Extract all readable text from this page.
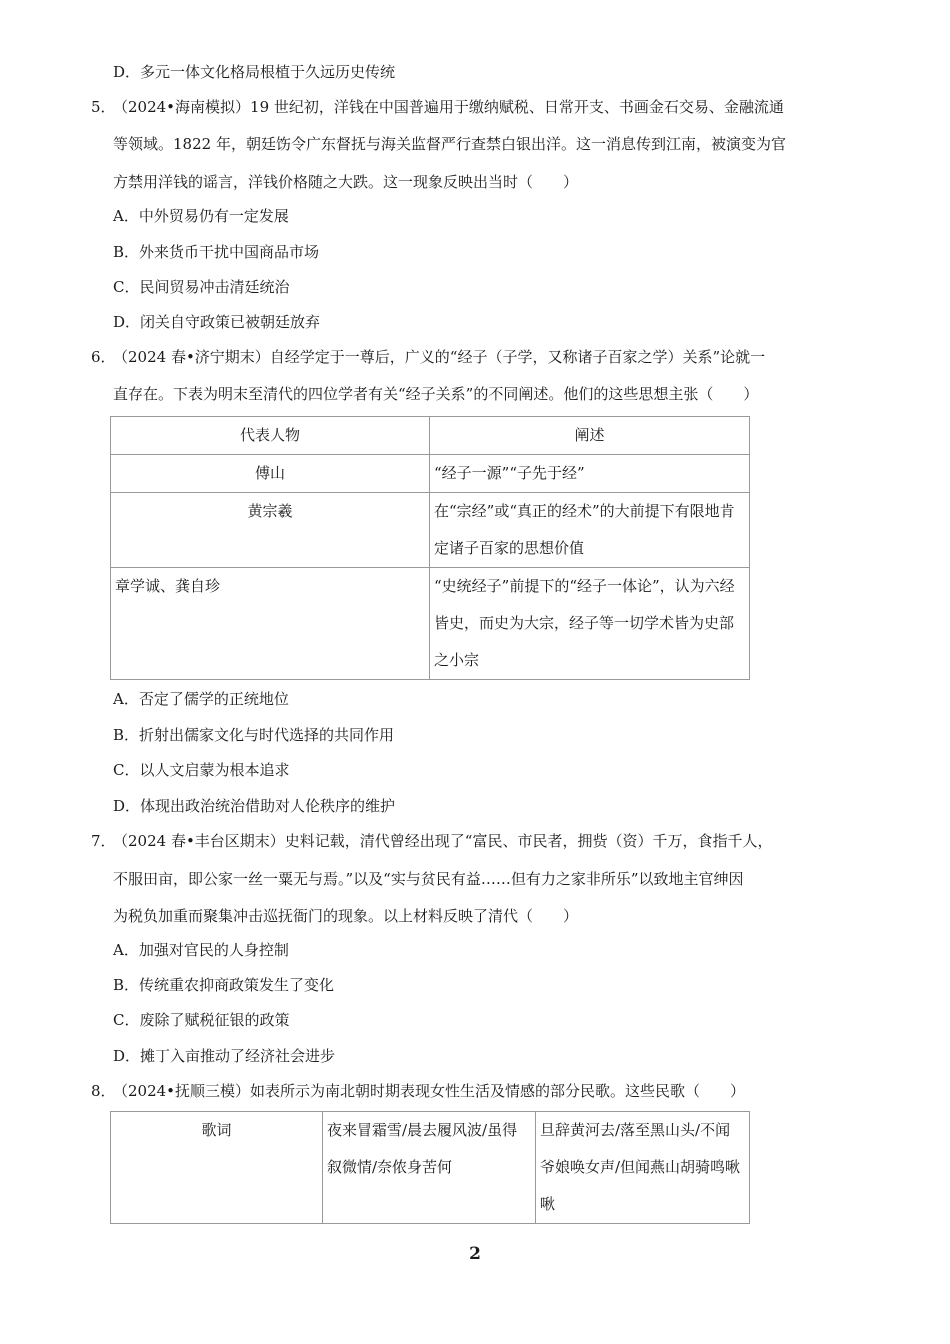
D．多元一体文化格局根植于久远历史传统
5．
（2024•海南模拟）19 世纪初，洋钱在中国普遍用于缴纳赋税、日常开支、书画金石交易、金融流通
等领域。1822 年，朝廷饬令广东督抚与海关监督严行查禁白银出洋。这一消息传到江南，被演变为官
方禁用洋钱的谣言，洋钱价格随之大跌。这一现象反映出当时（　　）
A．中外贸易仍有一定发展
B．外来货币干扰中国商品市场
C．民间贸易冲击清廷统治
D．闭关自守政策已被朝廷放弃
6．
（2024 春•济宁期末）自经学定于一尊后，广义的“经子（子学，又称诸子百家之学）关系”论就一
直存在。下表为明末至清代的四位学者有关“经子关系”的不同阐述。他们的这些思想主张（　　）
代表人物	阐述
傅山	“经子一源”“子先于经”
黄宗羲	在“宗经”或“真正的经术”的大前提下有限地肯定诸子百家的思想价值
章学诚、龚自珍	“史统经子”前提下的“经子一体论”，认为六经皆史，而史为大宗，经子等一切学术皆为史部之小宗
A．否定了儒学的正统地位
B．折射出儒家文化与时代选择的共同作用
C．以人文启蒙为根本追求
D．体现出政治统治借助对人伦秩序的维护
7．
（2024 春•丰台区期末）史料记载，清代曾经出现了“富民、市民者，拥赀（资）千万，食指千人，
不服田亩，即公家一丝一粟无与焉。”以及“实与贫民有益……但有力之家非所乐”以致地主官绅因
为税负加重而聚集冲击巡抚衙门的现象。以上材料反映了清代（　　）
A．加强对官民的人身控制
B．传统重农抑商政策发生了变化
C．废除了赋税征银的政策
D．摊丁入亩推动了经济社会进步
8．
（2024•抚顺三模）如表所示为南北朝时期表现女性生活及情感的部分民歌。这些民歌（　　）
歌词	夜来冒霜雪/晨去履风波/虽得叙微情/奈侬身苦何	旦辞黄河去/落至黑山头/不闻爷娘唤女声/但闻燕山胡骑鸣啾啾
2
